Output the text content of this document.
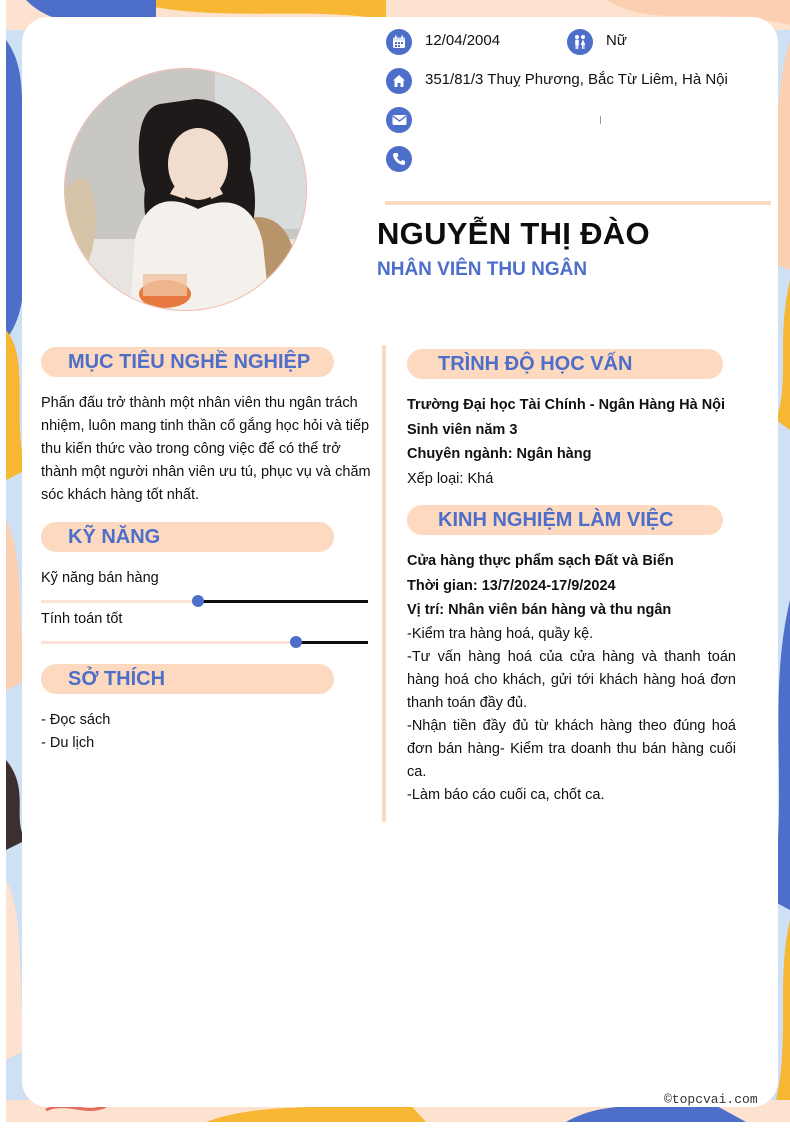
12/04/2004	Nữ
351/81/3 Thuỵ Phương, Bắc Từ Liêm, Hà Nội
NGUYỄN THỊ ĐÀO
NHÂN VIÊN THU NGÂN
MỤC TIÊU NGHỀ NGHIỆP

Phấn đấu trở thành một nhân viên thu ngân trách nhiệm, luôn mang tinh thần cố gắng học hỏi và tiếp thu kiến thức vào trong công việc để có thể trở thành một người nhân viên ưu tú, phục vụ và chăm sóc khách hàng tốt nhất.

KỸ NĂNG
Kỹ năng bán hàng
Tính toán tốt
SỞ THÍCH

- Đọc sách

- Du lịch

TRÌNH ĐỘ HỌC VẤN

Trường Đại học Tài Chính - Ngân Hàng Hà Nội

Sinh viên năm 3

Chuyên ngành: Ngân hàng

Xếp loại: Khá

KINH NGHIỆM LÀM VIỆC

Cửa hàng thực phẩm sạch Đất và Biển

Thời gian: 13/7/2024-17/9/2024

Vị trí: Nhân viên bán hàng và thu ngân

-Kiểm tra hàng hoá, quầy kệ.

-Tư vấn hàng hoá của cửa hàng và thanh toán hàng hoá cho khách, gửi tới khách hàng hoá đơn thanh toán đầy đủ.

-Nhận tiền đầy đủ từ khách hàng theo đúng hoá đơn bán hàng- Kiểm tra doanh thu bán hàng cuối ca.

-Làm báo cáo cuối ca, chốt ca.

©topcvai.com
